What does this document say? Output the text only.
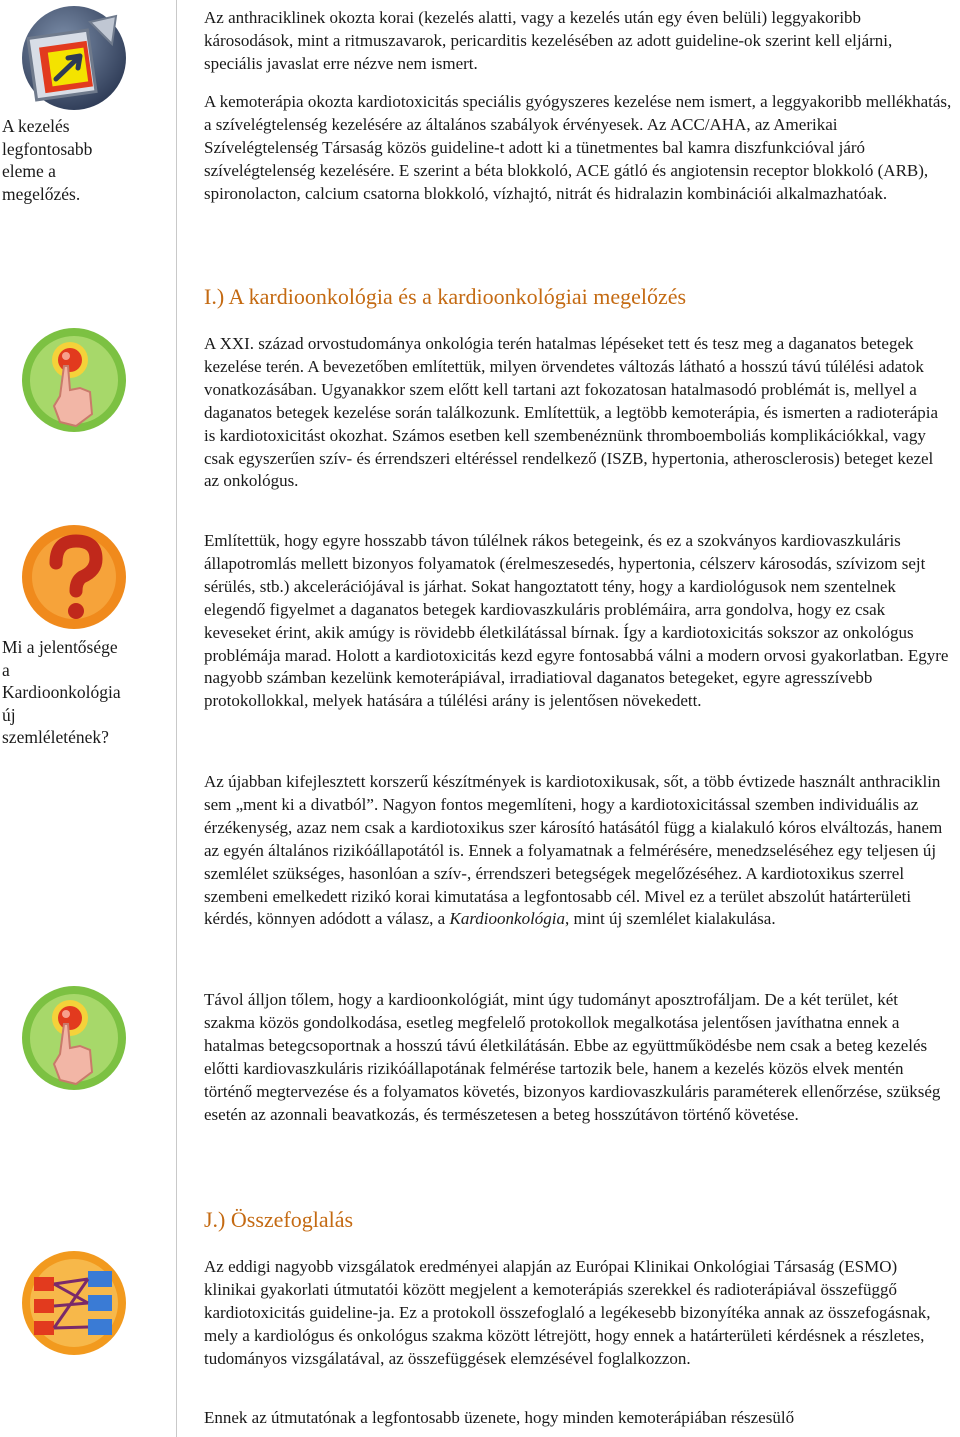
A kezelés
legfontosabb
eleme a
megelőzés.
Mi a jelentősége
a
Kardioonkológia
új
szemléletének?

Az anthraciklinek okozta korai (kezelés alatti, vagy a kezelés után egy éven belüli) leggyakoribb károsodások, mint a ritmuszavarok, pericarditis kezelésében az adott guideline-ok szerint kell eljárni, speciális javaslat erre nézve nem ismert.

A kemoterápia okozta kardiotoxicitás speciális gyógyszeres kezelése nem ismert, a leggyakoribb mellékhatás, a szívelégtelenség kezelésére az általános szabályok érvényesek. Az ACC/AHA, az Amerikai Szívelégtelenség Társaság közös guideline-t adott ki a tünetmentes bal kamra diszfunkcióval járó szívelégtelenség kezelésére. E szerint a béta blokkoló, ACE gátló és angiotensin receptor blokkoló (ARB), spironolacton, calcium csatorna blokkoló, vízhajtó, nitrát és hidralazin kombinációi alkalmazhatóak.

I.) A kardioonkológia és a kardioonkológiai megelőzés

A XXI. század orvostudománya onkológia terén hatalmas lépéseket tett és tesz meg a daganatos betegek kezelése terén. A bevezetőben említettük, milyen örvendetes változás látható a hosszú távú túlélési adatok vonatkozásában. Ugyanakkor szem előtt kell tartani azt fokozatosan hatalmasodó problémát is, mellyel a daganatos betegek kezelése során találkozunk. Említettük, a legtöbb kemoterápia, és ismerten a radioterápia is kardiotoxicitást okozhat. Számos esetben kell szembenéznünk thromboemboliás komplikációkkal, vagy csak egyszerűen szív- és érrendszeri eltéréssel rendelkező (ISZB, hypertonia, atherosclerosis) beteget kezel az onkológus.

Említettük, hogy egyre hosszabb távon túlélnek rákos betegeink, és ez a szokványos kardiovaszkuláris állapotromlás mellett bizonyos folyamatok (érelmeszesedés, hypertonia, célszerv károsodás, szívizom sejt sérülés, stb.) akcelerációjával is járhat. Sokat hangoztatott tény, hogy a kardiológusok nem szentelnek elegendő figyelmet a daganatos betegek kardiovaszkuláris problémáira, arra gondolva, hogy ez csak keveseket érint, akik amúgy is rövidebb életkilátással bírnak. Így a kardiotoxicitás sokszor az onkológus problémája marad. Holott a kardiotoxicitás kezd egyre fontosabbá válni a modern orvosi gyakorlatban. Egyre nagyobb számban kezelünk kemoterápiával, irradiatioval daganatos betegeket, egyre agresszívebb protokollokkal, melyek hatására a túlélési arány is jelentősen növekedett.

Az újabban kifejlesztett korszerű készítmények is kardiotoxikusak, sőt, a több évtizede használt anthraciklin sem „ment ki a divatból”. Nagyon fontos megemlíteni, hogy a kardiotoxicitással szemben individuális az érzékenység, azaz nem csak a kardiotoxikus szer károsító hatásától függ a kialakuló kóros elváltozás, hanem az egyén általános rizikóállapotától is. Ennek a folyamatnak a felmérésére, menedzseléséhez egy teljesen új szemlélet szükséges, hasonlóan a szív-, érrendszeri betegségek megelőzéséhez. A kardiotoxikus szerrel szembeni emelkedett rizikó korai kimutatása a legfontosabb cél. Mivel ez a terület abszolút határterületi kérdés, könnyen adódott a válasz, a Kardioonkológia, mint új szemlélet kialakulása.

Távol álljon tőlem, hogy a kardioonkológiát, mint úgy tudományt aposztrofáljam. De a két terület, két szakma közös gondolkodása, esetleg megfelelő protokollok megalkotása jelentősen javíthatna ennek a hatalmas betegcsoportnak a hosszú távú életkilátásán. Ebbe az együttműködésbe nem csak a beteg kezelés előtti kardiovaszkuláris rizikóállapotának felmérése tartozik bele, hanem a kezelés közös elvek mentén történő megtervezése és a folyamatos követés, bizonyos kardiovaszkuláris paraméterek ellenőrzése, szükség esetén az azonnali beavatkozás, és természetesen a beteg hosszútávon történő követése.

J.) Összefoglalás

Az eddigi nagyobb vizsgálatok eredményei alapján az Európai Klinikai Onkológiai Társaság (ESMO) klinikai gyakorlati útmutatói között megjelent a kemoterápiás szerekkel és radioterápiával összefüggő kardiotoxicitás guideline-ja. Ez a protokoll összefoglaló a legékesebb bizonyítéka annak az összefogásnak, mely a kardiológus és onkológus szakma között létrejött, hogy ennek a határterületi kérdésnek a részletes, tudományos vizsgálatával, az összefüggések elemzésével foglalkozzon.

Ennek az útmutatónak a legfontosabb üzenete, hogy minden kemoterápiában részesülő
